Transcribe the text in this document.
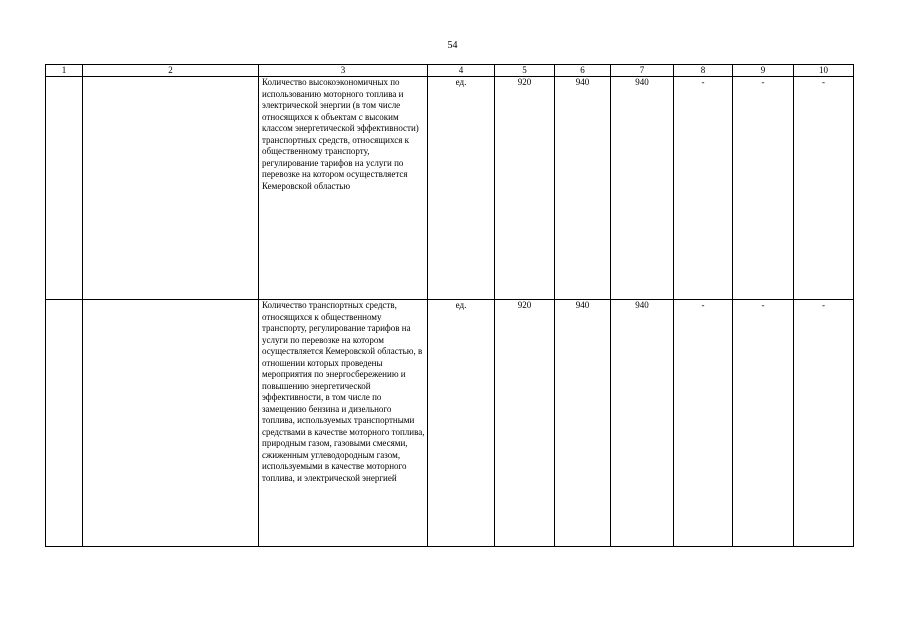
54
1	2	3	4	5	6	7	8	9	10
		Количество высокоэкономичных по использованию моторного топлива и электрической энергии (в том числе относящихся к объектам с высоким классом энергетической эффективности) транспортных средств, относящихся к общественному транспорту, регулирование тарифов на услуги по перевозке на котором осуществляется Кемеровской областью	ед.	920	940	940	-	-	-
		Количество транспортных средств, относящихся к общественному транспорту, регулирование тарифов на услуги по перевозке на котором осуществляется Кемеровской областью, в отношении которых проведены мероприятия по энергосбережению и повышению энергетической эффективности, в том числе по замещению бензина и дизельного топлива, используемых транспортными средствами в качестве моторного топлива, природным газом, газовыми смесями, сжиженным углеводородным газом, используемыми в качестве моторного топлива, и электрической энергией	ед.	920	940	940	-	-	-
